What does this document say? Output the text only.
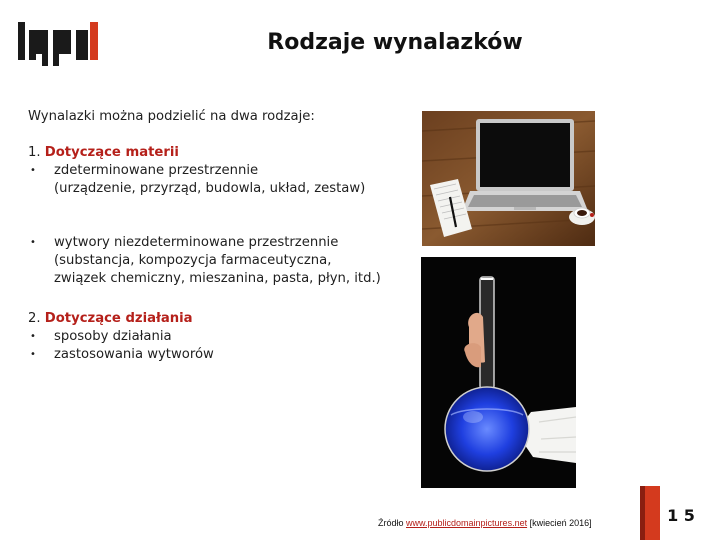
Rodzaje wynalazków
Wynalazki można podzielić na dwa rodzaje:
1. Dotyczące materii
• zdeterminowane przestrzennie
(urządzenie, przyrząd, budowla, układ, zestaw)
• wytwory niezdeterminowane przestrzennie
(substancja, kompozycja farmaceutyczna,
związek chemiczny, mieszanina, pasta, płyn, itd.)
2. Dotyczące działania
• sposoby działania
• zastosowania wytworów
Źródło www.publicdomainpictures.net [kwiecień 2016]	1 5
